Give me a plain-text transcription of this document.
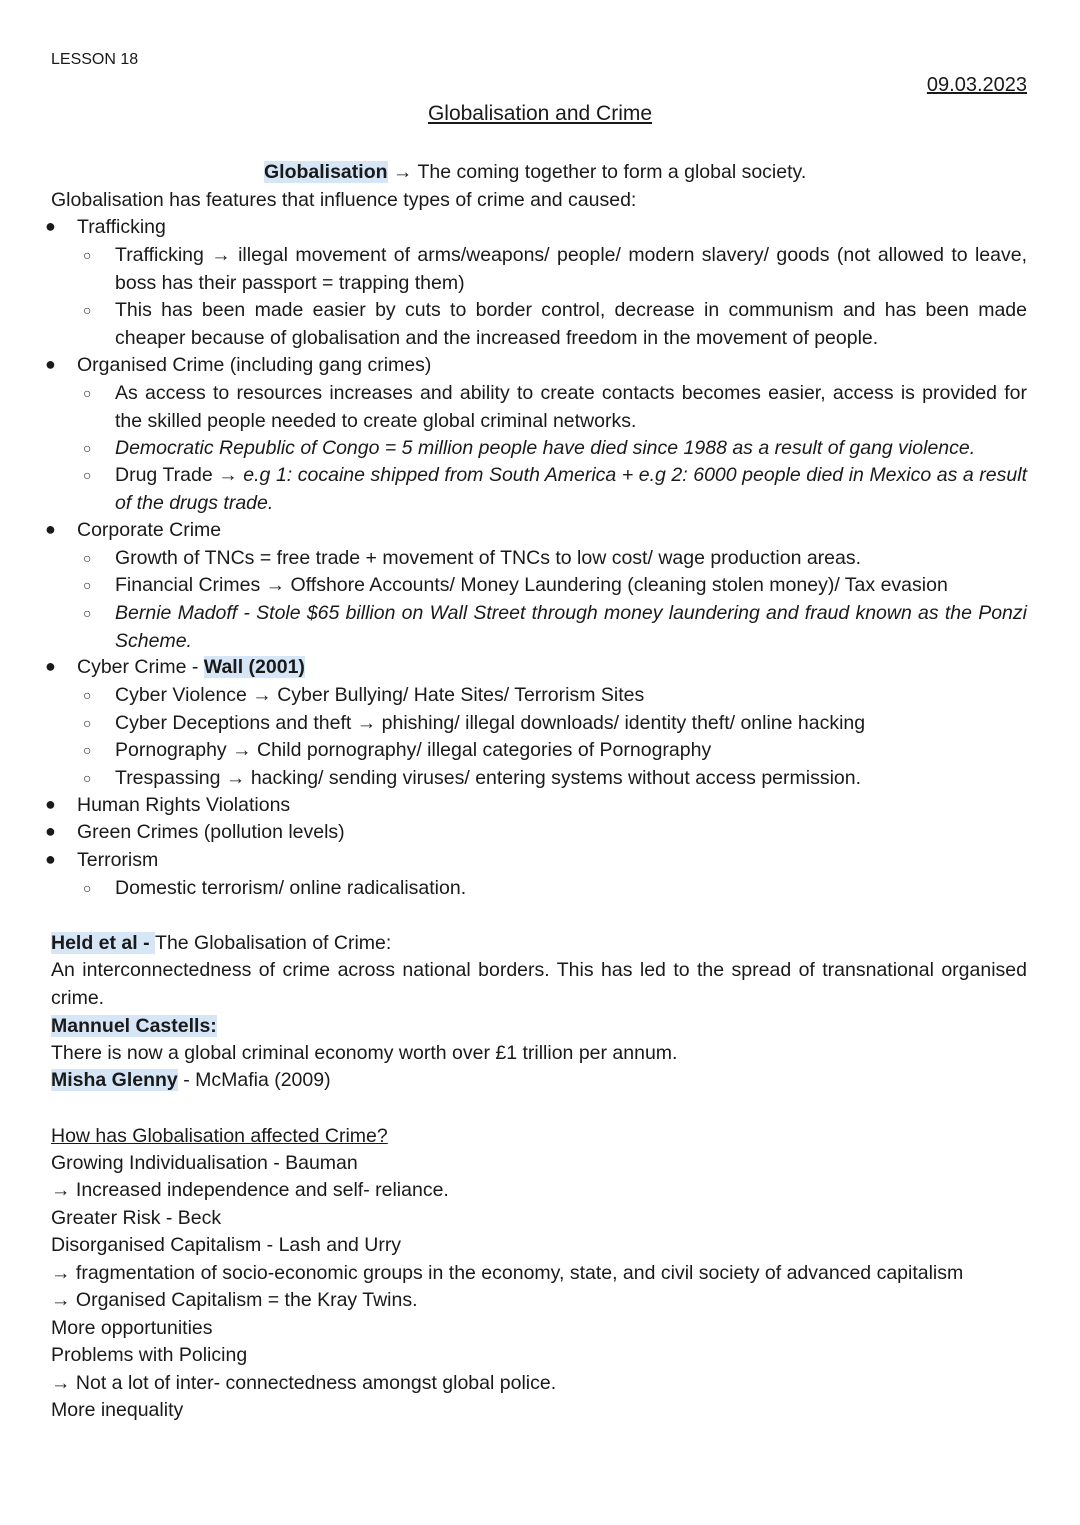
LESSON 18
09.03.2023
Globalisation and Crime
Globalisation → The coming together to form a global society.
Globalisation has features that influence types of crime and caused:
● Trafficking
○ Trafficking → illegal movement of arms/weapons/ people/ modern slavery/ goods (not allowed to leave, boss has their passport = trapping them)
○ This has been made easier by cuts to border control, decrease in communism and has been made cheaper because of globalisation and the increased freedom in the movement of people.
● Organised Crime (including gang crimes)
○ As access to resources increases and ability to create contacts becomes easier, access is provided for the skilled people needed to create global criminal networks.
○ Democratic Republic of Congo = 5 million people have died since 1988 as a result of gang violence.
○ Drug Trade → e.g 1: cocaine shipped from South America + e.g 2: 6000 people died in Mexico as a result of the drugs trade.
● Corporate Crime
○ Growth of TNCs = free trade + movement of TNCs to low cost/ wage production areas.
○ Financial Crimes → Offshore Accounts/ Money Laundering (cleaning stolen money)/ Tax evasion
○ Bernie Madoff - Stole $65 billion on Wall Street through money laundering and fraud known as the Ponzi Scheme.
● Cyber Crime - Wall (2001)
○ Cyber Violence → Cyber Bullying/ Hate Sites/ Terrorism Sites
○ Cyber Deceptions and theft → phishing/ illegal downloads/ identity theft/ online hacking
○ Pornography → Child pornography/ illegal categories of Pornography
○ Trespassing → hacking/ sending viruses/ entering systems without access permission.
● Human Rights Violations
● Green Crimes (pollution levels)
● Terrorism
○ Domestic terrorism/ online radicalisation.
Held et al - The Globalisation of Crime:
An interconnectedness of crime across national borders. This has led to the spread of transnational organised crime.
Mannuel Castells:
There is now a global criminal economy worth over £1 trillion per annum.
Misha Glenny - McMafia (2009)
How has Globalisation affected Crime?
Growing Individualisation - Bauman
→ Increased independence and self- reliance.
Greater Risk - Beck
Disorganised Capitalism - Lash and Urry
→ fragmentation of socio-economic groups in the economy, state, and civil society of advanced capitalism
→ Organised Capitalism = the Kray Twins.
More opportunities
Problems with Policing
→ Not a lot of inter- connectedness amongst global police.
More inequality
